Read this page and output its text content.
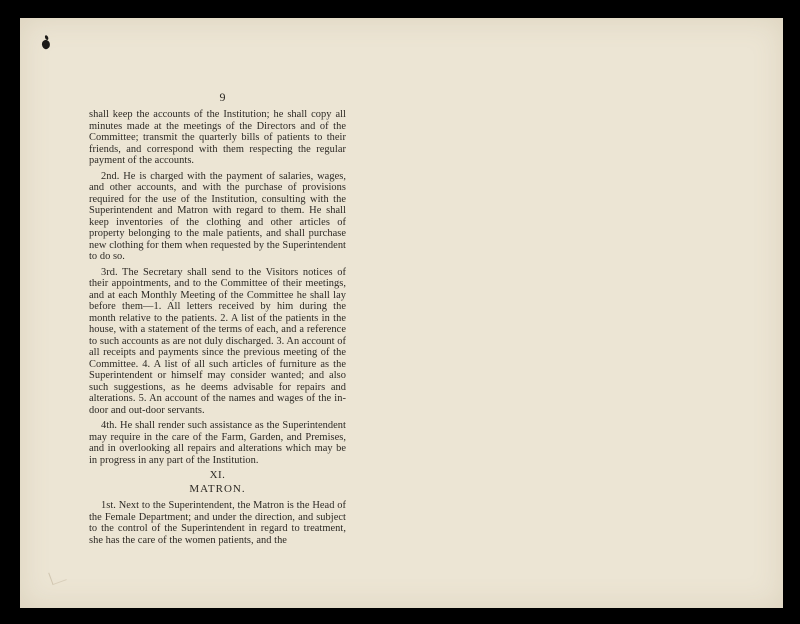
9

shall keep the accounts of the Institution; he shall copy all minutes made at the meetings of the Directors and of the Committee; transmit the quarterly bills of patients to their friends, and correspond with them respecting the regular payment of the accounts.

2nd. He is charged with the payment of salaries, wages, and other accounts, and with the purchase of provisions required for the use of the Institution, consulting with the Superintendent and Matron with regard to them. He shall keep inventories of the clothing and other articles of property belonging to the male patients, and shall purchase new clothing for them when requested by the Superintendent to do so.

3rd. The Secretary shall send to the Visitors notices of their appointments, and to the Committee of their meetings, and at each Monthly Meeting of the Committee he shall lay before them—1. All letters received by him during the month relative to the patients. 2. A list of the patients in the house, with a statement of the terms of each, and a reference to such accounts as are not duly discharged. 3. An account of all receipts and payments since the previous meeting of the Committee. 4. A list of all such articles of furniture as the Superintendent or himself may consider wanted; and also such suggestions, as he deems advisable for repairs and alterations. 5. An account of the names and wages of the in-door and out-door servants.

4th. He shall render such assistance as the Superintendent may require in the care of the Farm, Garden, and Premises, and in overlooking all repairs and alterations which may be in progress in any part of the Institution.

XI.
MATRON.

1st. Next to the Superintendent, the Matron is the Head of the Female Department; and under the direction, and subject to the control of the Superintendent in regard to treatment, she has the care of the women patients, and the
